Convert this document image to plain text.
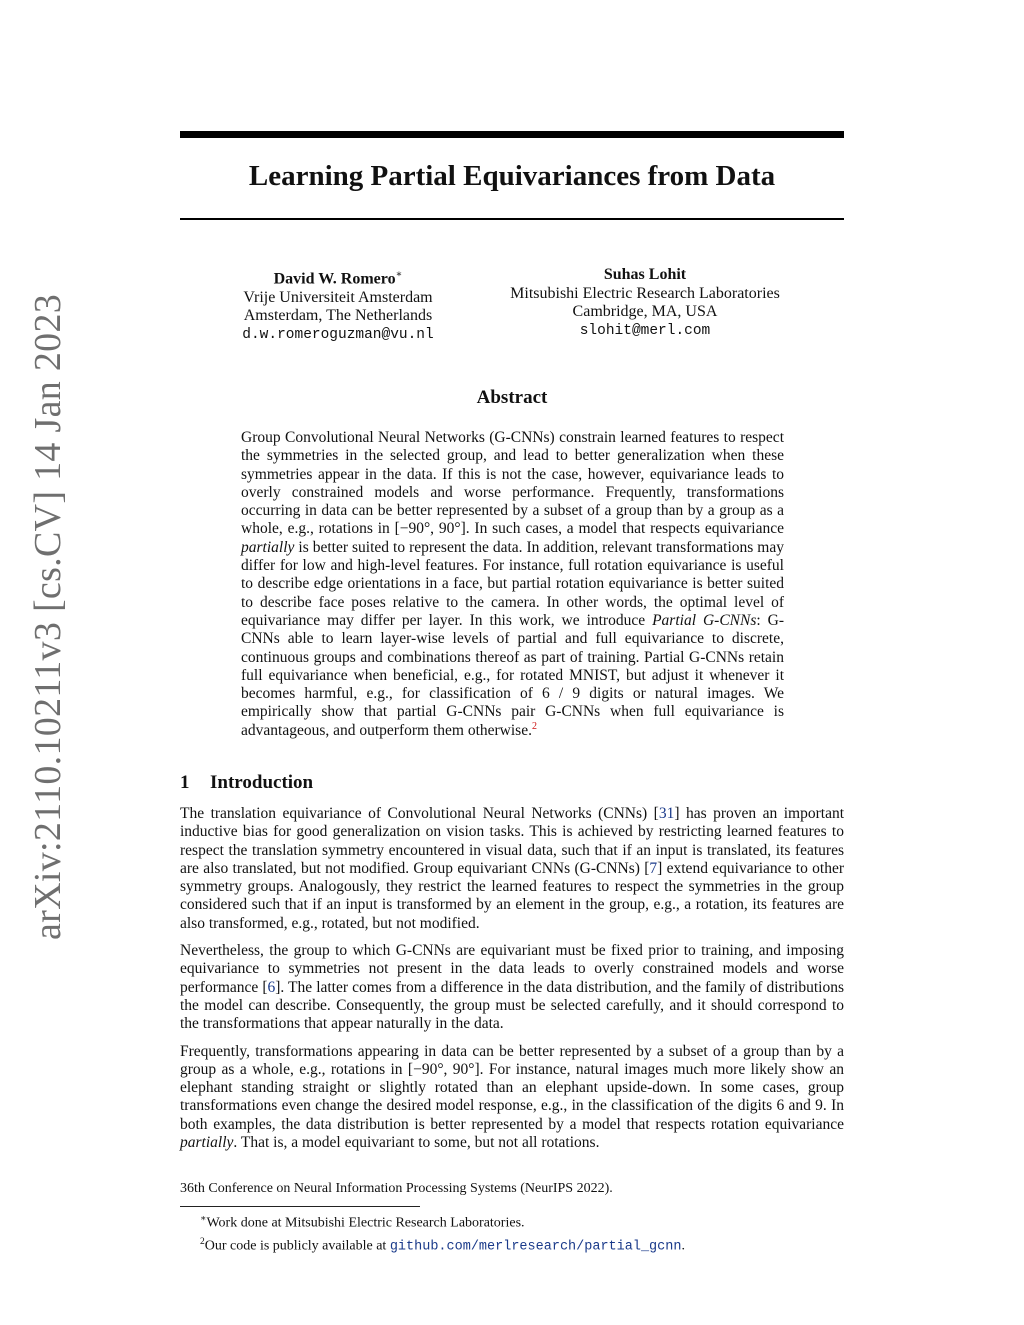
arXiv:2110.10211v3 [cs.CV] 14 Jan 2023
Learning Partial Equivariances from Data
David W. Romero∗
Vrije Universiteit Amsterdam
Amsterdam, The Netherlands
d.w.romeroguzman@vu.nl
Suhas Lohit
Mitsubishi Electric Research Laboratories
Cambridge, MA, USA
slohit@merl.com
Abstract

Group Convolutional Neural Networks (G-CNNs) constrain learned features to respect the symmetries in the selected group, and lead to better generalization when these symmetries appear in the data. If this is not the case, however, equivariance leads to overly constrained models and worse performance. Frequently, transformations occurring in data can be better represented by a subset of a group than by a group as a whole, e.g., rotations in [−90°, 90°]. In such cases, a model that respects equivariance partially is better suited to represent the data. In addition, relevant transformations may differ for low and high-level features. For instance, full rotation equivariance is useful to describe edge orientations in a face, but partial rotation equivariance is better suited to describe face poses relative to the camera. In other words, the optimal level of equivariance may differ per layer. In this work, we introduce Partial G-CNNs: G-CNNs able to learn layer-wise levels of partial and full equivariance to discrete, continuous groups and combinations thereof as part of training. Partial G-CNNs retain full equivariance when beneficial, e.g., for rotated MNIST, but adjust it whenever it becomes harmful, e.g., for classification of 6 / 9 digits or natural images. We empirically show that partial G-CNNs pair G-CNNs when full equivariance is advantageous, and outperform them otherwise.$^2$

1 Introduction

The translation equivariance of Convolutional Neural Networks (CNNs) [31] has proven an important inductive bias for good generalization on vision tasks. This is achieved by restricting learned features to respect the translation symmetry encountered in visual data, such that if an input is translated, its features are also translated, but not modified. Group equivariant CNNs (G-CNNs) [7] extend equivariance to other symmetry groups. Analogously, they restrict the learned features to respect the symmetries in the group considered such that if an input is transformed by an element in the group, e.g., a rotation, its features are also transformed, e.g., rotated, but not modified.

Nevertheless, the group to which G-CNNs are equivariant must be fixed prior to training, and imposing equivariance to symmetries not present in the data leads to overly constrained models and worse performance [6]. The latter comes from a difference in the data distribution, and the family of distributions the model can describe. Consequently, the group must be selected carefully, and it should correspond to the transformations that appear naturally in the data.

Frequently, transformations appearing in data can be better represented by a subset of a group than by a group as a whole, e.g., rotations in [−90°, 90°]. For instance, natural images much more likely show an elephant standing straight or slightly rotated than an elephant upside-down. In some cases, group transformations even change the desired model response, e.g., in the classification of the digits 6 and 9. In both examples, the data distribution is better represented by a model that respects rotation equivariance partially. That is, a model equivariant to some, but not all rotations.

36th Conference on Neural Information Processing Systems (NeurIPS 2022).

∗Work done at Mitsubishi Electric Research Laboratories.

$^2$Our code is publicly available at github.com/merlresearch/partial_gcnn.
